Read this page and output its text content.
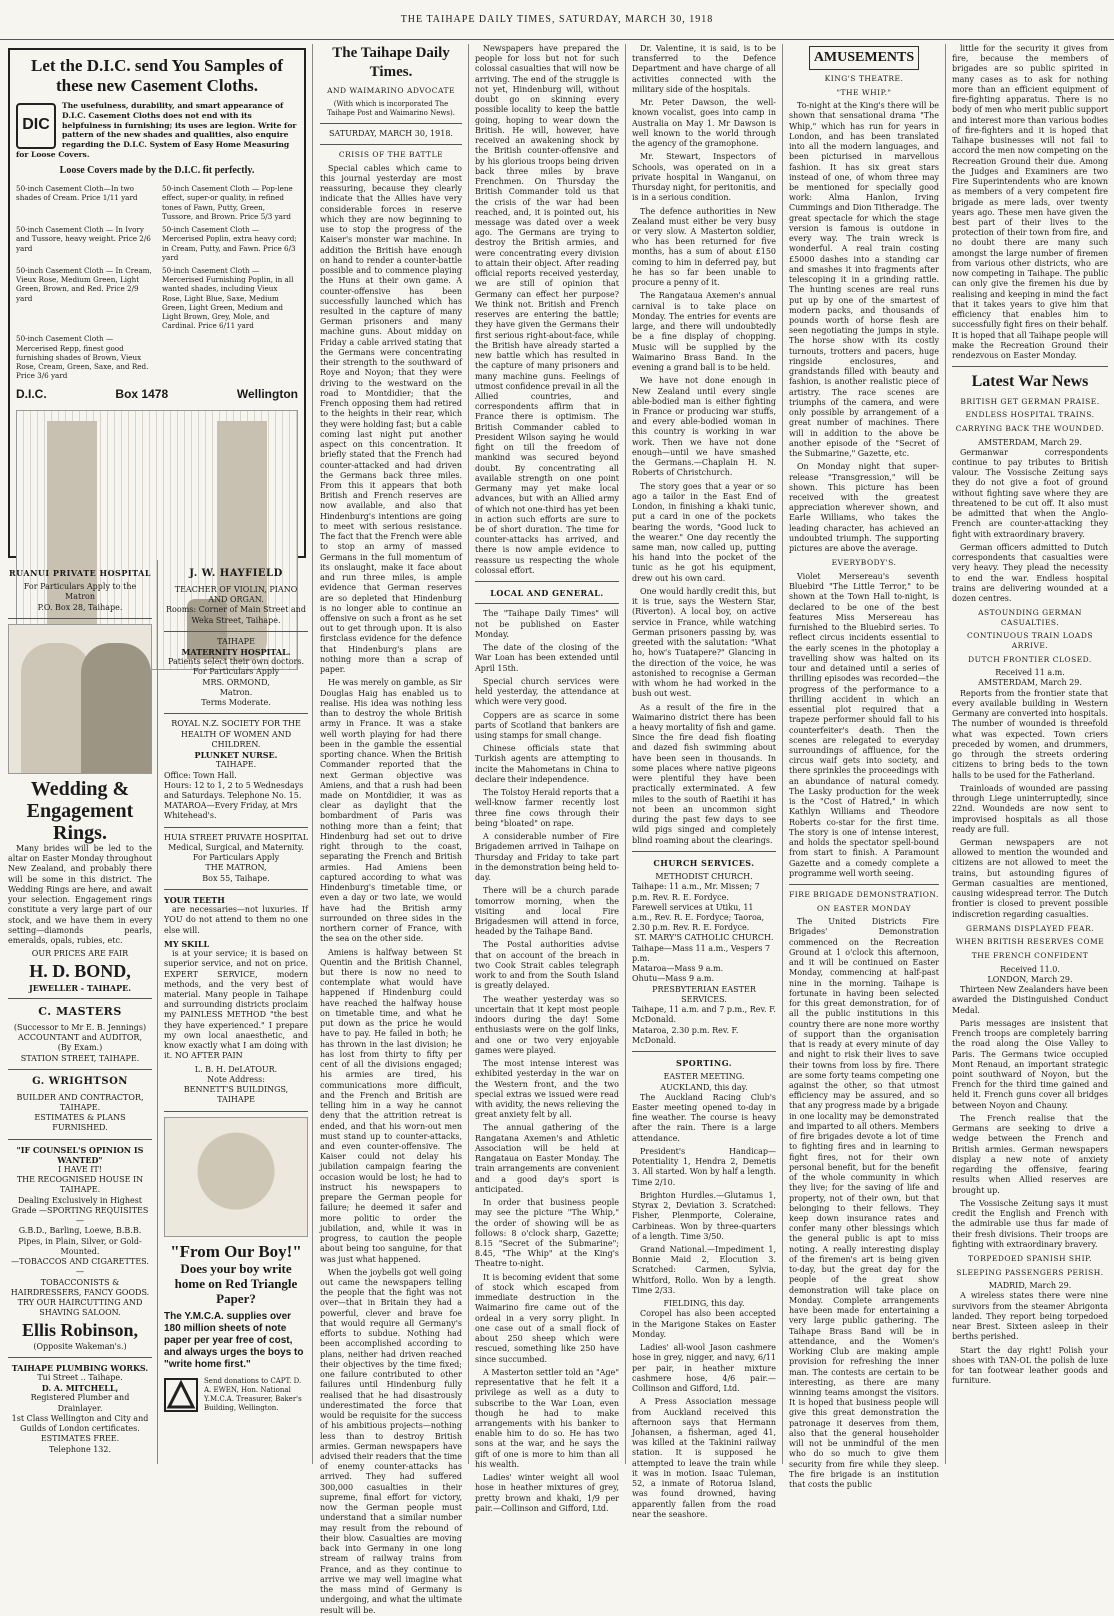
THE TAIHAPE DAILY TIMES, SATURDAY, MARCH 30, 1918
Let the D.I.C. send You Samples of these new Casement Cloths.
DIC
The usefulness, durability, and smart appearance of D.I.C. Casement Cloths does not end with its helpfulness in furnishing; its uses are legion. Write for pattern of the new shades and qualities, also enquire regarding the D.I.C. System of Easy Home Measuring for Loose Covers.
Loose Covers made by the D.I.C. fit perfectly.
50-inch Casement Cloth—In two shades of Cream. Price 1/11 yard
50-inch Casement Cloth — Pop-lene effect, super-or quality, in refined tones of Fawn, Putty, Green, Tussore, and Brown. Price 5/3 yard
50-inch Casement Cloth — In Ivory and Tussore, heavy weight. Price 2/6 yard
50-inch Casement Cloth — Mercerised Poplin, extra heavy cord; in Cream, Putty, and Fawn. Price 6/3 yard
50-inch Casement Cloth — In Cream, Vieux Rose, Medium Green, Light Green, Brown, and Red. Price 2/9 yard
50-inch Casement Cloth — Mercerised Furnishing Poplin, in all wanted shades, including Vieux Rose, Light Blue, Saxe, Medium Green, Light Green, Medium and Light Brown, Grey, Mole, and Cardinal. Price 6/11 yard
50-inch Casement Cloth — Mercerised Repp, finest good furnishing shades of Brown, Vieux Rose, Cream, Green, Saxe, and Red. Price 3/6 yard
D.I.C.	Box 1478	Wellington
RUANUI PRIVATE HOSPITAL
For Particulars Apply to the Matron
P.O. Box 28, Taihape.
Wedding & Engagement Rings.

Many brides will be led to the altar on Easter Monday throughout New Zealand, and probably there will be some in this district. The Wedding Rings are here, and await your selection. Engagement rings constitute a very large part of our stock, and we have them in every setting—diamonds pearls, emeralds, opals, rubies, etc.

OUR PRICES ARE FAIR
H. D. BOND,
JEWELLER - TAIHAPE.
C. MASTERS
(Successor to Mr E. B. Jennings)
ACCOUNTANT and AUDITOR,
(By Exam.)
STATION STREET, TAIHAPE.
G. WRIGHTSON
BUILDER AND CONTRACTOR,
TAIHAPE.
ESTIMATES & PLANS
FURNISHED.
"IF COUNSEL'S OPINION IS WANTED"
I HAVE IT!
THE RECOGNISED HOUSE IN TAIHAPE.
Dealing Exclusively in Highest Grade —SPORTING REQUISITES—
G.B.D., Barling, Loewe, B.B.B. Pipes, in Plain, Silver, or Gold-Mounted.
—TOBACCOS AND CIGARETTES.—
TOBACCONISTS & HAIRDRESSERS, FANCY GOODS.
TRY OUR HAIRCUTTING AND SHAVING SALOON.
Ellis Robinson,
(Opposite Wakeman's.)
TAIHAPE PLUMBING WORKS.
Tui Street .. Taihape.
D. A. MITCHELL,
Registered Plumber and Drainlayer.
1st Class Wellington and City and Guilds of London certificates.
ESTIMATES FREE.
Telephone 132.
J. W. HAYFIELD
TEACHER OF VIOLIN, PIANO AND ORGAN.
Rooms: Corner of Main Street and Weka Street, Taihape.
TAIHAPE
MATERNITY HOSPITAL.
Patients select their own doctors.
For Particulars Apply
MRS. ORMOND,
Matron.
Terms Moderate.
ROYAL N.Z. SOCIETY FOR THE HEALTH OF WOMEN AND CHILDREN.
PLUNKET NURSE.
TAIHAPE.
Office: Town Hall.
Hours: 12 to 1, 2 to 5 Wednesdays and Saturdays. Telephone No. 15.
MATAROA—Every Friday, at Mrs Whitehead's.
HUIA STREET PRIVATE HOSPITAL
Medical, Surgical, and Maternity.
For Particulars Apply
THE MATRON,
Box 55, Taihape.
YOUR TEETH

are necessaries—not luxuries. If YOU do not attend to them no one else will.

MY SKILL

is at your service; it is based on superior service, and not on price. EXPERT SERVICE, modern methods, and the very best of material. Many people in Taihape and surrounding districts proclaim my PAINLESS METHOD "the best they have experienced." I prepare my own local anaesthetic, and know exactly what I am doing with it. NO AFTER PAIN

L. B. H. DeLATOUR.
Note Address:
BENNETT'S BUILDINGS, TAIHAPE
"From Our Boy!"
Does your boy write home on Red Triangle Paper?
The Y.M.C.A. supplies over 180 million sheets of note paper per year free of cost, and always urges the boys to "write home first."
Send donations to CAPT. D. A. EWEN, Hon. National Y.M.C.A. Treasurer, Baker's Building, Wellington.
The Taihape Daily Times.
AND WAIMARINO ADVOCATE
(With which is incorporated The Taihape Post and Waimarino News).
SATURDAY, MARCH 30, 1918.
CRISIS OF THE BATTLE

Special cables which came to this journal yesterday are most reassuring, because they clearly indicate that the Allies have very considerable forces in reserve which they are now beginning to use to stop the progress of the Kaiser's monster war machine. In addition the British have enough on hand to render a counter-battle possible and to commence playing the Huns at their own game. A counter-offensive has been successfully launched which has resulted in the capture of many German prisoners and many machine guns. About midday on Friday a cable arrived stating that the Germans were concentrating their strength to the southward of Roye and Noyon; that they were driving to the westward on the road to Montdidier; that the French opposing them had retired to the heights in their rear, which they were holding fast; but a cable coming last night put another aspect on this concentration. It briefly stated that the French had counter-attacked and had driven the Germans back three miles. From this it appears that both British and French reserves are now available, and also that Hindenburg's intentions are going to meet with serious resistance. The fact that the French were able to stop an army of massed Germans in the full momentum of its onslaught, make it face about and run three miles, is ample evidence that German reserves are so depleted that Hindenburg is no longer able to continue an offensive on such a front as he set out to get through upon. It is also firstclass evidence for the defence that Hindenburg's plans are nothing more than a scrap of paper.

He was merely on gamble, as Sir Douglas Haig has enabled us to realise. His idea was nothing less than to destroy the whole British army in France. It was a stake well worth playing for had there been in the gamble the essential sporting chance. When the British Commander reported that the next German objective was Amiens, and that a rush had been made on Montdidier, it was as clear as daylight that the bombardment of Paris was nothing more than a feint; that Hindenburg had set out to drive right through to the coast, separating the French and British armies. Had Amiens been captured according to what was Hindenburg's timetable time, or even a day or two late, we would have had the British army surrounded on three sides in the northern corner of France, with the sea on the other side.

Amiens is halfway between St Quentin and the British Channel, but there is now no need to contemplate what would have happened if Hindenburg could have reached the halfway house on timetable time, and what he put down as the price he would have to pay. He failed in both; he has thrown in the last division; he has lost from thirty to fifty per cent of all the divisions engaged; his armies are tired, his communications more difficult, and the French and British are telling him in a way he cannot deny that the attrition retreat is ended, and that his worn-out men must stand up to counter-attacks, and even counter-offensive. The Kaiser could not delay his jubilation campaign fearing the occasion would be lost; he had to instruct his newspapers to prepare the German people for failure; he deemed it safer and more politic to order the jubilation, and, while it was in progress, to caution the people about being too sanguine, for that was just what happened.

When the joybells got well going out came the newspapers telling the people that the fight was not over—that in Britain they had a powerful, clever and brave foe that would require all Germany's efforts to subdue. Nothing had been accomplished according to plans, neither had driven reached their objectives by the time fixed; one failure contributed to other failures until Hindenburg fully realised that he had disastrously underestimated the force that would be requisite for the success of his ambitious projects—nothing less than to destroy British armies. German newspapers have advised their readers that the time of enemy counter-attacks has arrived. They had suffered 300,000 casualties in their supreme, final effort for victory, now the German people must understand that a similar number may result from the rebound of their blow. Casualties are moving back into Germany in one long stream of railway trains from France, and as they continue to arrive we may well imagine what the mass mind of Germany is undergoing, and what the ultimate result will be.

Newspapers have prepared the people for loss but not for such colossal casualties that will now be arriving. The end of the struggle is not yet, Hindenburg will, without doubt go on skinning every possible locality to keep the battle going, hoping to wear down the British. He will, however, have received an awakening shock by the British counter-offensive and by his glorious troops being driven back three miles by brave Frenchmen. On Thursday the British Commander told us that the crisis of the war had been reached, and, it is pointed out, his message was dated over a week ago. The Germans are trying to destroy the British armies, and were concentrating every division to attain their object. After reading official reports received yesterday, we are still of opinion that Germany can effect her purpose? We think not. British and French reserves are entering the battle; they have given the Germans their first serious right-about-face, while the British have already started a new battle which has resulted in the capture of many prisoners and many machine guns. Feelings of utmost confidence prevail in all the Allied countries, and correspondents affirm that in France there is optimism. The British Commander cabled to President Wilson saying he would fight on till the freedom of mankind was secured beyond doubt. By concentrating all available strength on one point Germany may yet make local advances, but with an Allied army of which not one-third has yet been in action such efforts are sure to be of short duration. The time for counter-attacks has arrived, and there is now ample evidence to reassure us respecting the whole colossal effort.

LOCAL AND GENERAL.

The "Taihape Daily Times" will not be published on Easter Monday.

The date of the closing of the War Loan has been extended until April 15th.

Special church services were held yesterday, the attendance at which were very good.

Coppers are as scarce in some parts of Scotland that bankers are using stamps for small change.

Chinese officials state that Turkish agents are attempting to incite the Mahometans in China to declare their independence.

The Tolstoy Herald reports that a well-know farmer recently lost three fine cows through their being "bloated" on rape.

A considerable number of Fire Brigademen arrived in Taihape on Thursday and Friday to take part in the demonstration being held to-day.

There will be a church parade tomorrow morning, when the visiting and local Fire Brigadesmen will attend in force, headed by the Taihape Band.

The Postal authorities advise that on account of the breach in two Cook Strait cables telegraph work to and from the South Island is greatly delayed.

The weather yesterday was so uncertain that it kept most people indoors during the day! Some enthusiasts were on the golf links, and one or two very enjoyable games were played.

The most intense interest was exhibited yesterday in the war on the Western front, and the two special extras we issued were read with avidity, the news relieving the great anxiety felt by all.

The annual gathering of the Rangatana Axemen's and Athletic Association will be held at Rangataua on Easter Monday. The train arrangements are convenient and a good day's sport is anticipated.

In order that business people may see the picture "The Whip," the order of showing will be as follows: 8 o'clock sharp, Gazette; 8.15 "Secret of the Submarine"; 8.45, "The Whip" at the King's Theatre to-night.

It is becoming evident that some of stock which escaped from immediate destruction in the Waimarino fire came out of the ordeal in a very sorry plight. In one case out of a small flock of about 250 sheep which were rescued, something like 250 have since succumbed.

A Masterton settler told an "Age" representative that he felt it a privilege as well as a duty to subscribe to the War Loan, even though he had to make arrangements with his banker to enable him to do so. He has two sons at the war, and he says the gift of one is more to him than all his wealth.

Ladies' winter weight all wool hose in heather mixtures of grey, pretty brown and khaki, 1/9 per pair.—Collinson and Gifford, Ltd.

Dr. Valentine, it is said, is to be transferred to the Defence Department and have charge of all activities connected with the military side of the hospitals.

Mr. Peter Dawson, the well-known vocalist, goes into camp in Australia on May 1. Mr Dawson is well known to the world through the agency of the gramophone.

Mr. Stewart, Inspectors of Schools, was operated on in a private hospital in Wanganui, on Thursday night, for peritonitis, and is in a serious condition.

The defence authorities in New Zealand must either be very busy or very slow. A Masterton soldier, who has been returned for five months, has a sum of about £150 coming to him in deferred pay, but he has so far been unable to procure a penny of it.

The Rangataua Axemen's annual carnival is to take place on Monday. The entries for events are large, and there will undoubtedly be a fine display of chopping. Music will be supplied by the Waimarino Brass Band. In the evening a grand ball is to be held.

We have not done enough in New Zealand until every single able-bodied man is either fighting in France or producing war stuffs, and every able-bodied woman in this country is working in war work. Then we have not done enough—until we have smashed the Germans.—Chaplain H. N. Roberts of Christchurch.

The story goes that a year or so ago a tailor in the East End of London, in finishing a khaki tunic, put a card in one of the pockets bearing the words, "Good luck to the wearer." One day recently the same man, now called up, putting his hand into the pocket of the tunic as he got his equipment, drew out his own card.

One would hardly credit this, but it is true, says the Western Star, (Riverton). A local boy, on active service in France, while watching German prisoners passing by, was greeted with the salutation: "What ho, how's Tuatapere?" Glancing in the direction of the voice, he was astonished to recognise a German with whom he had worked in the bush out west.

As a result of the fire in the Waimarino district there has been a heavy mortality of fish and game. Since the fire dead fish floating and dazed fish swimming about have been seen in thousands. In some places where native pigeons were plentiful they have been practically exterminated. A few miles to the south of Raetihi it has not been an uncommon sight during the past few days to see wild pigs singed and completely blind roaming about the clearings.

CHURCH SERVICES.
METHODIST CHURCH.
Taihape: 11 a.m., Mr. Missen; 7 p.m. Rev. R. E. Fordyce.
Farewell services at Utiku, 11 a.m., Rev. R. E. Fordyce; Taoroa, 2.30 p.m. Rev. R. E. Fordyce.
ST. MARY'S CATHOLIC CHURCH.
Taihape—Mass 11 a.m., Vespers 7 p.m.
Mataroa—Mass 9 a.m.
Ohutu—Mass 9 a.m.
PRESBYTERIAN EASTER SERVICES.
Taihape, 11 a.m. and 7 p.m., Rev. F. McDonald.
Mataroa, 2.30 p.m. Rev. F. McDonald.
SPORTING.
EASTER MEETING.
AUCKLAND, this day.

The Auckland Racing Club's Easter meeting opened to-day in fine weather. The course is heavy after the rain. There is a large attendance.

President's Handicap—Potentiality 1, Hendra 2, Demetis 3. All started. Won by half a length. Time 2/10.

Brighton Hurdles.—Glutamus 1, Styrax 2, Deviation 3. Scratched: Fisher, Plenmporte, Coleraine, Carbineas. Won by three-quarters of a length. Time 3/50.

Grand National.—Impediment 1, Bonnie Maid 2, Elocution 3. Scratched: Carmen, Sylvia, Whitford, Rollo. Won by a length. Time 2/33.

FIELDING, this day.

Coropel has also been accepted in the Marigone Stakes on Easter Monday.

Ladies' all-wool Jason cashmere hose in grey, nigger, and navy, 6/11 per pair, in heather mixture cashmere hose, 4/6 pair.—Collinson and Gifford, Ltd.

A Press Association message from Auckland received this afternoon says that Hermann Johansen, a fisherman, aged 41, was killed at the Takinini railway station. It is supposed he attempted to leave the train while it was in motion. Isaac Tuleman, 52, a inmate of Rotorua Island, was found drowned, having apparently fallen from the road near the seashore.

AMUSEMENTS
KING'S THEATRE.
"THE WHIP."

To-night at the King's there will be shown that sensational drama "The Whip," which has run for years in London, and has been translated into all the modern languages, and been picturised in marvellous fashion. It has six great stars instead of one, of whom three may be mentioned for specially good work: Alma Hanlon, Irving Cummings and Dion Titheradge. The great spectacle for which the stage version is famous is outdone in every way. The train wreck is wonderful. A real train costing £5000 dashes into a standing car and smashes it into fragments after telescoping it in a grinding rattle. The hunting scenes are real runs put up by one of the smartest of modern packs, and thousands of pounds worth of horse flesh are seen negotiating the jumps in style. The horse show with its costly turnouts, trotters and pacers, huge ringside enclosures, and grandstands filled with beauty and fashion, is another realistic piece of artistry. The race scenes are triumphs of the camera, and were only possible by arrangement of a great number of machines. There will in addition to the above be another episode of the "Secret of the Submarine," Gazette, etc.

On Monday night that super-release "Transgression," will be shown. This picture has been received with the greatest appreciation wherever shown, and Earle Williams, who takes the leading character, has achieved an undoubted triumph. The supporting pictures are above the average.

EVERYBODY'S.

Violet Mersereau's seventh Bluebird "The Little Terror," to be shown at the Town Hall to-night, is declared to be one of the best features Miss Mersereau has furnished to the Bluebird series. To reflect circus incidents essential to the early scenes in the photoplay a travelling show was halted on its tour and detained until a series of thrilling episodes was recorded—the progress of the performance to a thrilling accident in which an essential plot required that a trapeze performer should fall to his counterfeiter's death. Then the scenes are relegated to everyday surroundings of affluence, for the circus waif gets into society, and there sprinkles the proceedings with an abundance of natural comedy. The Lasky production for the week is the "Cost of Hatred," in which Kathlyn Williams and Theodore Roberts co-star for the first time. The story is one of intense interest, and holds the spectator spell-bound from start to finish. A Paramount Gazette and a comedy complete a programme well worth seeing.

FIRE BRIGADE DEMONSTRATION.
ON EASTER MONDAY

The United Districts Fire Brigades' Demonstration commenced on the Recreation Ground at 1 o'clock this afternoon, and it will be continued on Easter Monday, commencing at half-past nine in the morning. Taihape is fortunate in having been selected for this great demonstration, for of all the public institutions in this country there are none more worthy of support than the organisation that is ready at every minute of day and night to risk their lives to save their towns from loss by fire. There are some forty teams competing one against the other, so that utmost efficiency may be assured, and so that any progress made by a brigade in one locality may be demonstrated and imparted to all others. Members of fire brigades devote a lot of time to fighting fires and in learning to fight fires, not for their own personal benefit, but for the benefit of the whole community in which they live; for the saving of life and property, not of their own, but that belonging to their fellows. They keep down insurance rates and confer many other blessings which the general public is apt to miss noting. A really interesting display of the firemen's art is being given to-day, but the great day for the people of the great show demonstration will take place on Monday. Complete arrangements have been made for entertaining a very large public gathering. The Taihape Brass Band will be in attendance, and the Women's Working Club are making ample provision for refreshing the inner man. The contests are certain to be interesting, as there are many winning teams amongst the visitors. It is hoped that business people will give this great demonstration the patronage it deserves from them, also that the general householder will not be unmindful of the men who do so much to give them security from fire while they sleep. The fire brigade is an institution that costs the public

little for the security it gives from fire, because the members of brigades are so public spirited in many cases as to ask for nothing more than an efficient equipment of fire-fighting apparatus. There is no body of men who merit public support and interest more than various bodies of fire-fighters and it is hoped that Taihape businesses will not fail to accord the men now competing on the Recreation Ground their due. Among the Judges and Examiners are two Fire Superintendents who are known as members of a very competent fire brigade as mere lads, over twenty years ago. These men have given the best part of their lives to the protection of their town from fire, and no doubt there are many such amongst the large number of firemen from various other districts, who are now competing in Taihape. The public can only give the firemen his due by realising and keeping in mind the fact that it takes years to give him that efficiency that enables him to successfully fight fires on their behalf. It is hoped that all Taihape people will make the Recreation Ground their rendezvous on Easter Monday.

Latest War News
BRITISH GET GERMAN PRAISE.
ENDLESS HOSPITAL TRAINS.
CARRYING BACK THE WOUNDED.
AMSTERDAM, March 29.

Germanwar correspondents continue to pay tributes to British valour. The Vossische Zeitung says they do not give a foot of ground without fighting save where they are threatened to be cut off. It also must be admitted that when the Anglo-French are counter-attacking they fight with extraordinary bravery.

German officers admitted to Dutch correspondents that casualties were very heavy. They plead the necessity to end the war. Endless hospital trains are delivering wounded at a dozen centres.

ASTOUNDING GERMAN CASUALTIES.
CONTINUOUS TRAIN LOADS ARRIVE.
DUTCH FRONTIER CLOSED.
Received 11 a.m.
AMSTERDAM, March 29.

Reports from the frontier state that every available building in Western Germany are converted into hospitals. The number of wounded is threefold what was expected. Town criers preceded by women, and drummers, go through the streets ordering citizens to bring beds to the town halls to be used for the Fatherland.

Trainloads of wounded are passing through Liege uninterruptedly, since 22nd. Woundeds are now sent to improvised hospitals as all those ready are full.

German newspapers are not allowed to mention the wounded and citizens are not allowed to meet the trains, but astounding figures of German casualties are mentioned, causing widespread terror. The Dutch frontier is closed to prevent possible indiscretion regarding casualties.

GERMANS DISPLAYED FEAR.
WHEN BRITISH RESERVES COME
THE FRENCH CONFIDENT
Received 11.0.
LONDON, March 29.

Thirteen New Zealanders have been awarded the Distinguished Conduct Medal.

Paris messages are insistent that French troops are completely barring the road along the Oise Valley to Paris. The Germans twice occupied Mont Renaud, an important strategic point southward of Noyon, but the French for the third time gained and held it. French guns cover all bridges between Noyon and Chauny.

The French realise that the Germans are seeking to drive a wedge between the French and British armies. German newspapers display a new note of anxiety regarding the offensive, fearing results when Allied reserves are brought up.

The Vossische Zeitung says it must credit the English and French with the admirable use thus far made of their fresh divisions. Their troops are fighting with extraordinary bravery.

TORPEDOED SPANISH SHIP.
SLEEPING PASSENGERS PERISH.
MADRID, March 29.

A wireless states there were nine survivors from the steamer Abrigonta landed. They report being torpedoed near Brest. Sixteen asleep in their berths perished.

Start the day right! Polish your shoes with TAN-OL the polish de luxe for tan footwear leather goods and furniture.
